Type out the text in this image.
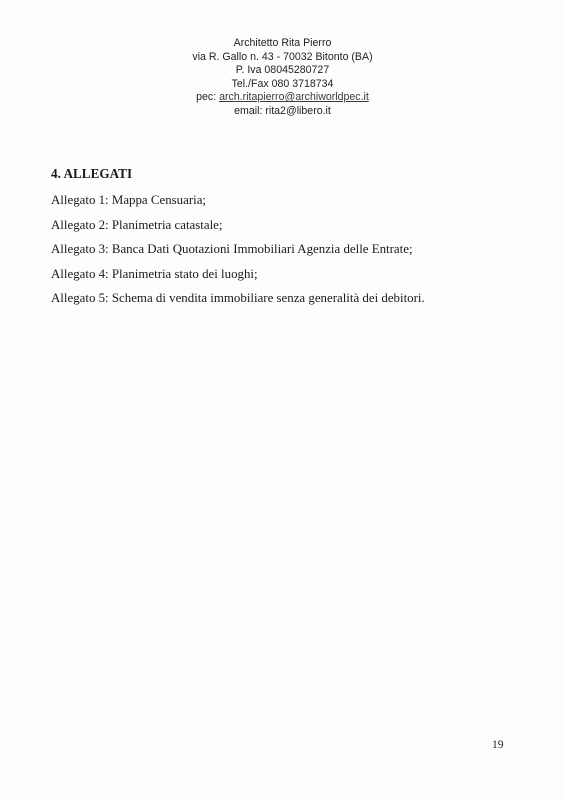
Architetto Rita Pierro
via R. Gallo n. 43 - 70032 Bitonto (BA)
P. Iva 08045280727
Tel./Fax 080 3718734
pec: arch.ritapierro@archiworldpec.it
email: rita2@libero.it
4. ALLEGATI
Allegato 1: Mappa Censuaria;
Allegato 2: Planimetria catastale;
Allegato 3: Banca Dati Quotazioni Immobiliari Agenzia delle Entrate;
Allegato 4: Planimetria stato dei luoghi;
Allegato 5: Schema di vendita immobiliare senza generalità dei debitori.
19
